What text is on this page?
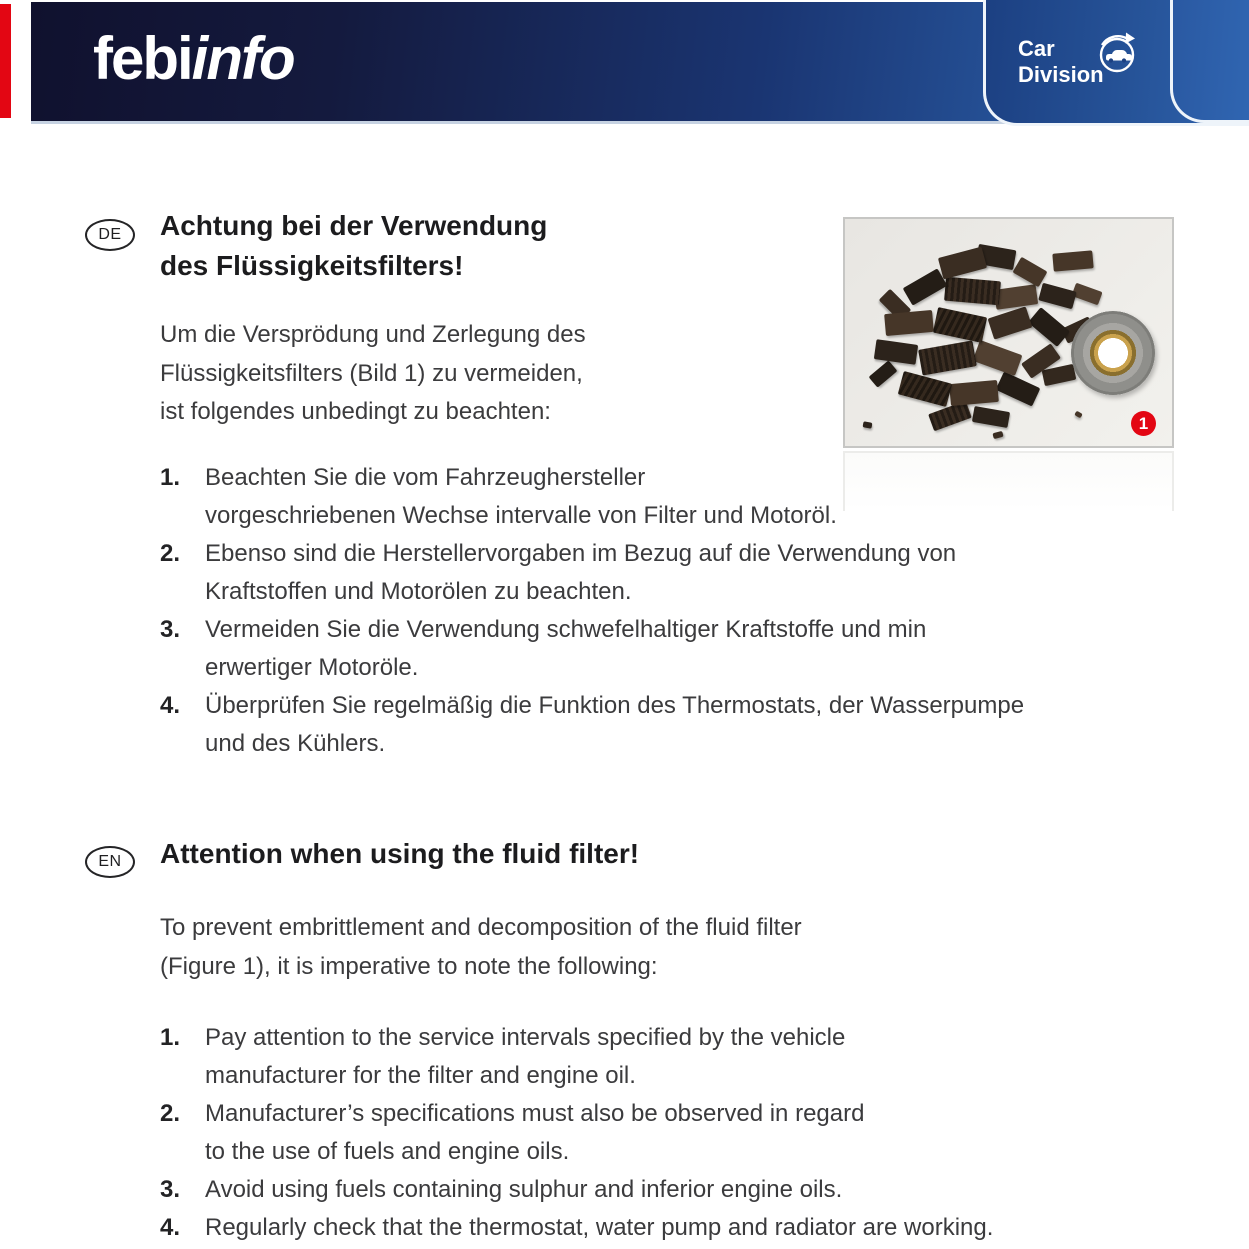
febiinfo	Car
Division
1
DE Achtung bei der Verwendung
des Flüssigkeitsfilters!
Um die Versprödung und Zerlegung des
Flüssigkeitsfilters (Bild 1) zu vermeiden,
ist folgendes unbedingt zu beachten:
1. Beachten Sie die vom Fahrzeughersteller
vorgeschriebenen Wechse intervalle von Filter und Motoröl.
2. Ebenso sind die Herstellervorgaben im Bezug auf die Verwendung von
Kraftstoffen und Motorölen zu beachten.
3. Vermeiden Sie die Verwendung schwefelhaltiger Kraftstoffe und min
erwertiger Motoröle.
4. Überprüfen Sie regelmäßig die Funktion des Thermostats, der Wasserpumpe
und des Kühlers.
EN Attention when using the fluid filter!
To prevent embrittlement and decomposition of the fluid filter
(Figure 1), it is imperative to note the following:
1. Pay attention to the service intervals specified by the vehicle
manufacturer for the filter and engine oil.
2. Manufacturer’s specifications must also be observed in regard
to the use of fuels and engine oils.
3. Avoid using fuels containing sulphur and inferior engine oils.
4. Regularly check that the thermostat, water pump and radiator are working.
